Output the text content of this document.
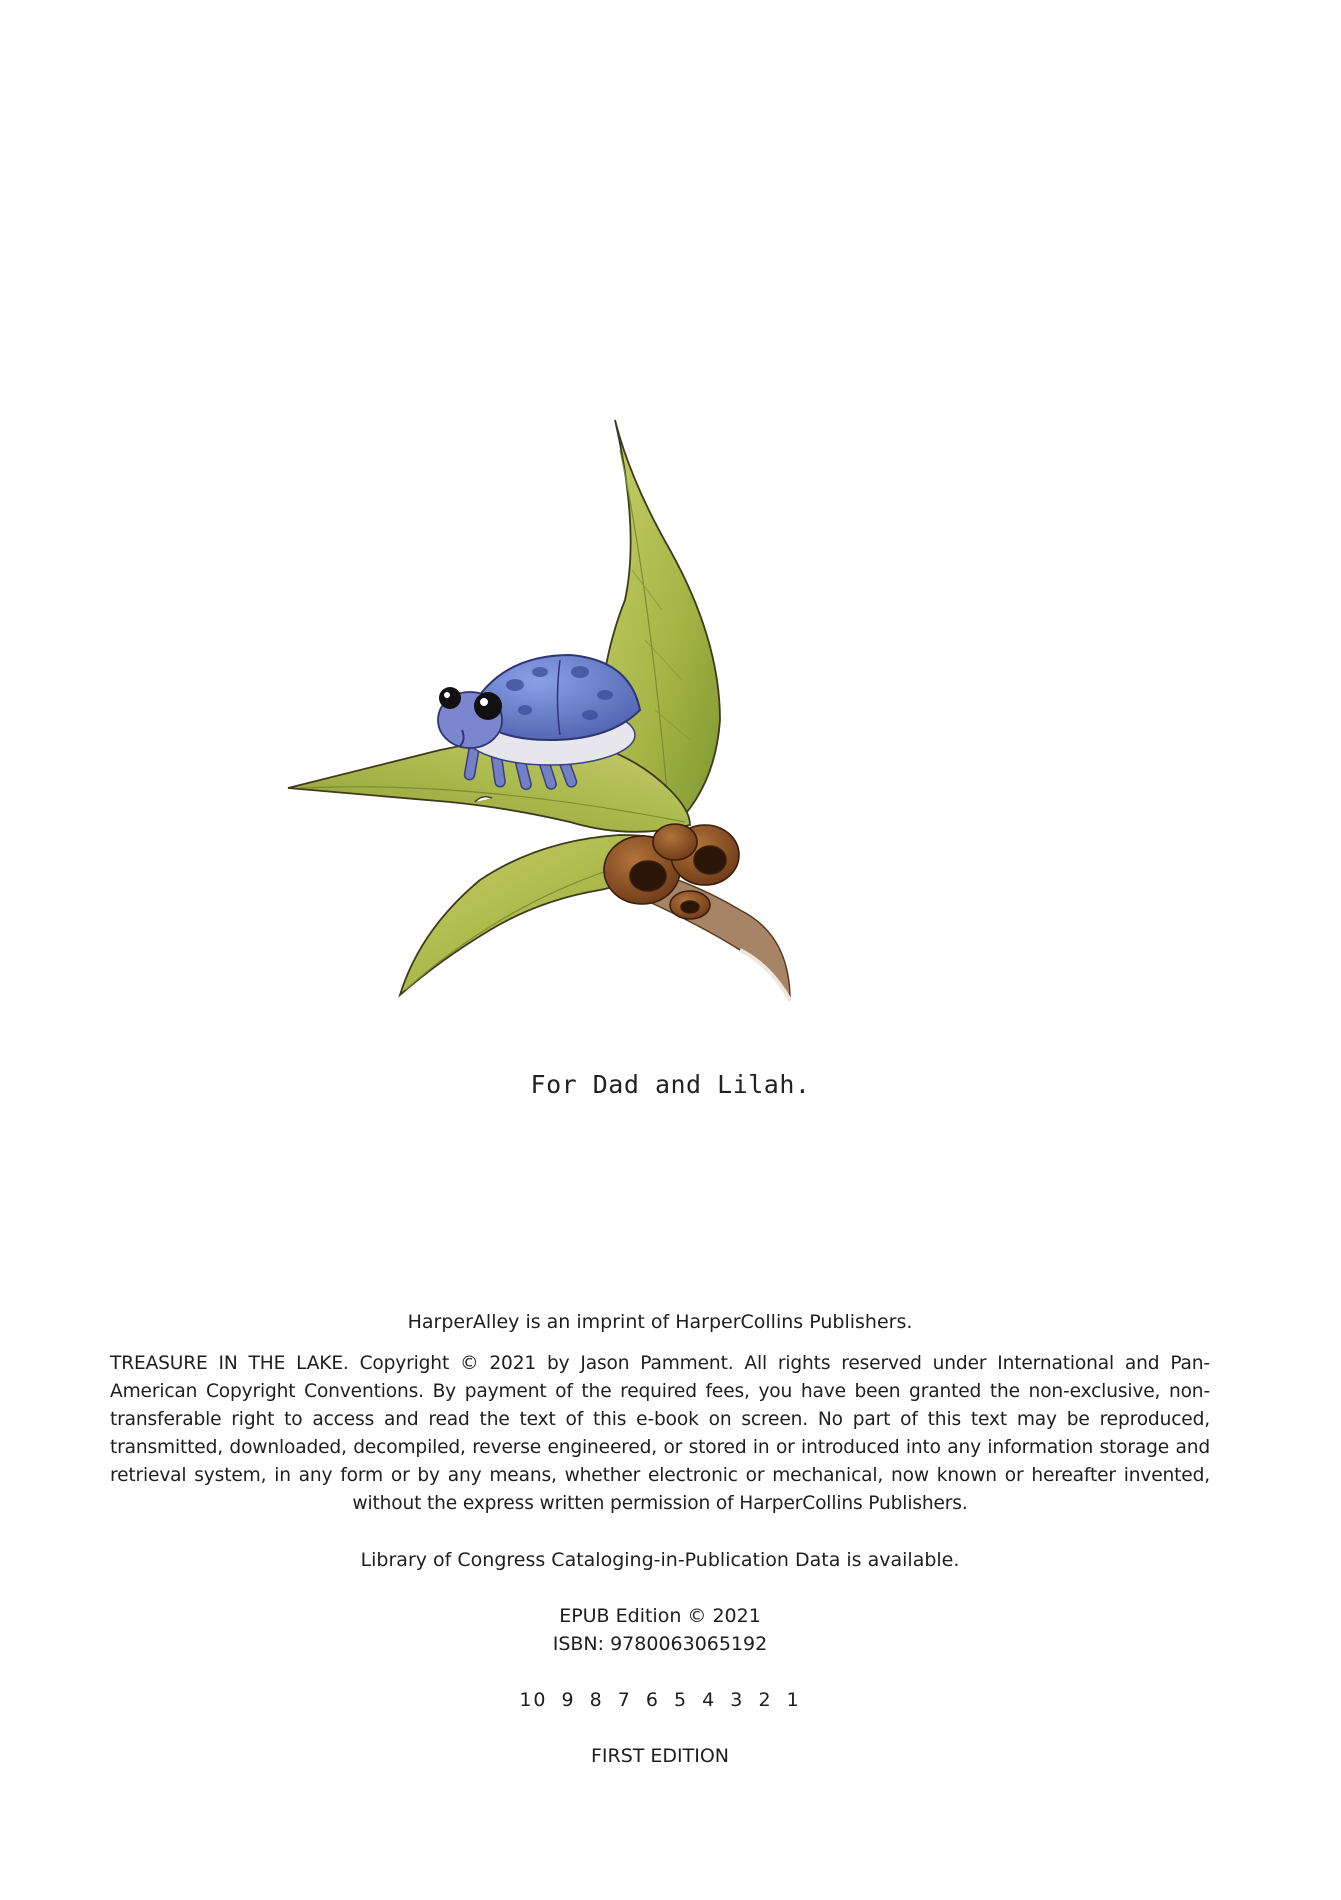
For Dad and Lilah.

HarperAlley is an imprint of HarperCollins Publishers.

TREASURE IN THE LAKE. Copyright © 2021 by Jason Pamment. All rights reserved under International and Pan-American Copyright Conventions. By payment of the required fees, you have been granted the non-exclusive, non-transferable right to access and read the text of this e-book on screen. No part of this text may be reproduced, transmitted, downloaded, decompiled, reverse engineered, or stored in or introduced into any information storage and retrieval system, in any form or by any means, whether electronic or mechanical, now known or hereafter invented, without the express written permission of HarperCollins Publishers.

Library of Congress Cataloging-in-Publication Data is available.

EPUB Edition © 2021

ISBN: 9780063065192

10 9 8 7 6 5 4 3 2 1

FIRST EDITION
